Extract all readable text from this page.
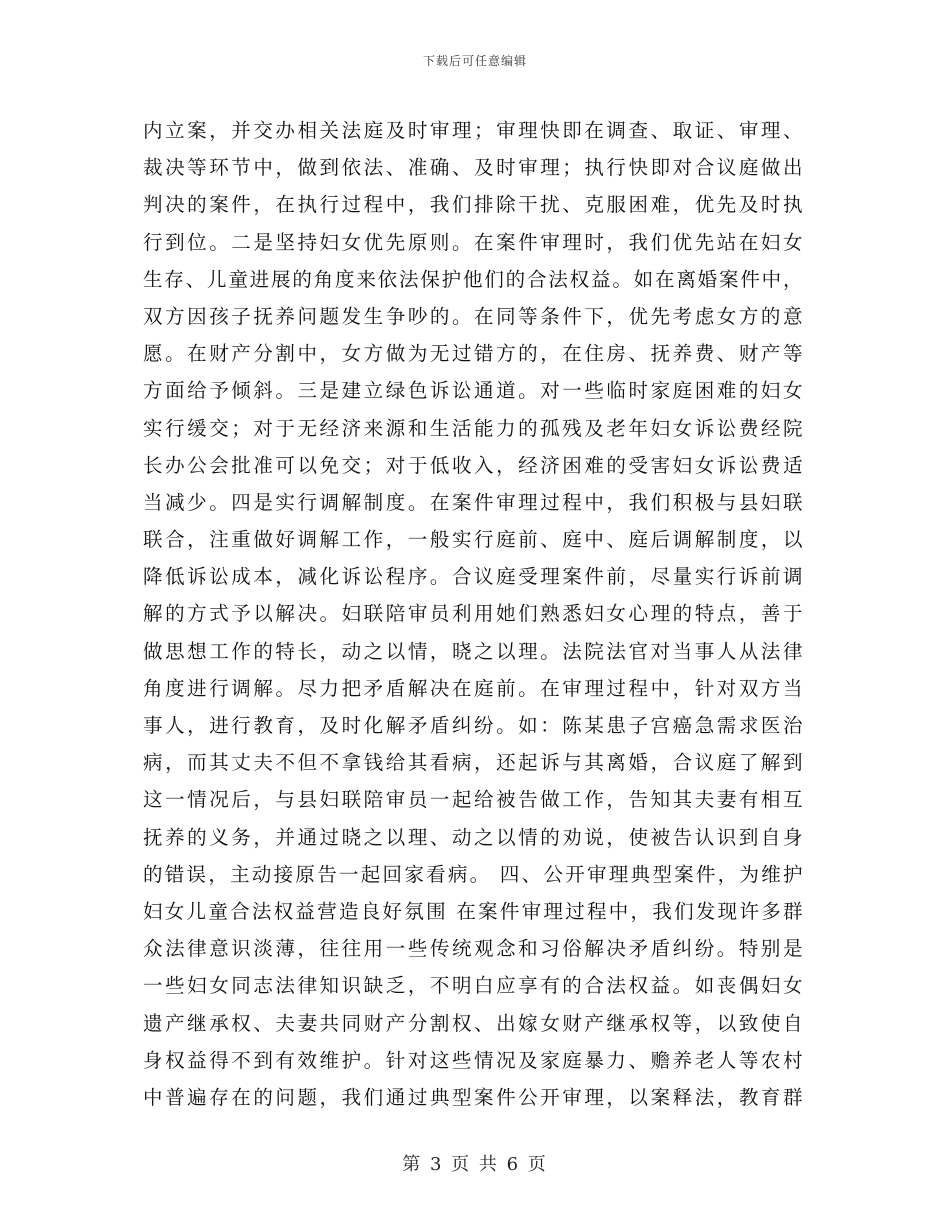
下载后可任意编辑
内立案，并交办相关法庭及时审理；审理快即在调查、取证、审理、
裁决等环节中，做到依法、准确、及时审理；执行快即对合议庭做出
判决的案件，在执行过程中，我们排除干扰、克服困难，优先及时执
行到位。二是坚持妇女优先原则。在案件审理时，我们优先站在妇女
生存、儿童进展的角度来依法保护他们的合法权益。如在离婚案件中，
双方因孩子抚养问题发生争吵的。在同等条件下，优先考虑女方的意
愿。在财产分割中，女方做为无过错方的，在住房、抚养费、财产等
方面给予倾斜。三是建立绿色诉讼通道。对一些临时家庭困难的妇女
实行缓交；对于无经济来源和生活能力的孤残及老年妇女诉讼费经院
长办公会批准可以免交；对于低收入，经济困难的受害妇女诉讼费适
当减少。四是实行调解制度。在案件审理过程中，我们积极与县妇联
联合，注重做好调解工作，一般实行庭前、庭中、庭后调解制度，以
降低诉讼成本，减化诉讼程序。合议庭受理案件前，尽量实行诉前调
解的方式予以解决。妇联陪审员利用她们熟悉妇女心理的特点，善于
做思想工作的特长，动之以情，晓之以理。法院法官对当事人从法律
角度进行调解。尽力把矛盾解决在庭前。在审理过程中，针对双方当
事人，进行教育，及时化解矛盾纠纷。如：陈某患子宫癌急需求医治
病，而其丈夫不但不拿钱给其看病，还起诉与其离婚，合议庭了解到
这一情况后，与县妇联陪审员一起给被告做工作，告知其夫妻有相互
抚养的义务，并通过晓之以理、动之以情的劝说，使被告认识到自身
的错误，主动接原告一起回家看病。 四、公开审理典型案件，为维护
妇女儿童合法权益营造良好氛围 在案件审理过程中，我们发现许多群
众法律意识淡薄，往往用一些传统观念和习俗解决矛盾纠纷。特别是
一些妇女同志法律知识缺乏，不明白应享有的合法权益。如丧偶妇女
遗产继承权、夫妻共同财产分割权、出嫁女财产继承权等，以致使自
身权益得不到有效维护。针对这些情况及家庭暴力、赡养老人等农村
中普遍存在的问题，我们通过典型案件公开审理，以案释法，教育群
第 3 页 共 6 页
